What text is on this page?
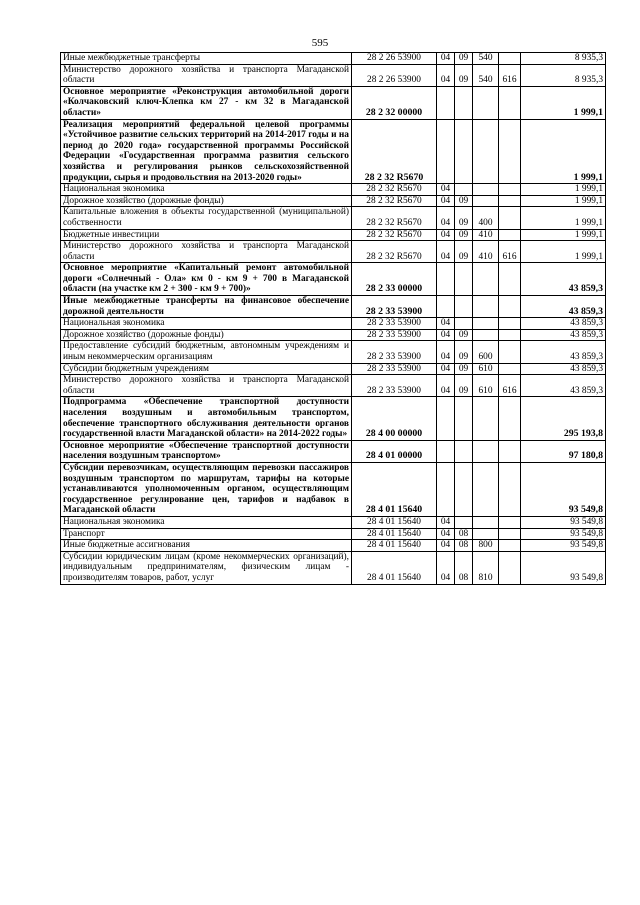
595
Иные межбюджетные трансферты	28 2 26 53900	04	09	540		8 935,3
Министерство дорожного хозяйства и транспорта Магаданской области	28 2 26 53900	04	09	540	616	8 935,3
Основное мероприятие «Реконструкция автомобильной дороги «Колчаковский ключ-Клепка км 27 - км 32 в Магаданской области»	28 2 32 00000					1 999,1
Реализация мероприятий федеральной целевой программы «Устойчивое развитие сельских территорий на 2014-2017 годы и на период до 2020 года» государственной программы Российской Федерации «Государственная программа развития сельского хозяйства и регулирования рынков сельскохозяйственной продукции, сырья и продовольствия на 2013-2020 годы»	28 2 32 R5670					1 999,1
Национальная экономика	28 2 32 R5670	04				1 999,1
Дорожное хозяйство (дорожные фонды)	28 2 32 R5670	04	09			1 999,1
Капитальные вложения в объекты государственной (муниципальной) собственности	28 2 32 R5670	04	09	400		1 999,1
Бюджетные инвестиции	28 2 32 R5670	04	09	410		1 999,1
Министерство дорожного хозяйства и транспорта Магаданской области	28 2 32 R5670	04	09	410	616	1 999,1
Основное мероприятие «Капитальный ремонт автомобильной дороги «Солнечный - Ола» км 0 - км 9 + 700 в Магаданской области (на участке км 2 + 300 - км 9 + 700)»	28 2 33 00000					43 859,3
Иные межбюджетные трансферты на финансовое обеспечение дорожной деятельности	28 2 33 53900					43 859,3
Национальная экономика	28 2 33 53900	04				43 859,3
Дорожное хозяйство (дорожные фонды)	28 2 33 53900	04	09			43 859,3
Предоставление субсидий бюджетным, автономным учреждениям и иным некоммерческим организациям	28 2 33 53900	04	09	600		43 859,3
Субсидии бюджетным учреждениям	28 2 33 53900	04	09	610		43 859,3
Министерство дорожного хозяйства и транспорта Магаданской области	28 2 33 53900	04	09	610	616	43 859,3
Подпрограмма «Обеспечение транспортной доступности населения воздушным и автомобильным транспортом, обеспечение транспортного обслуживания деятельности органов государственной власти Магаданской области» на 2014-2022 годы»	28 4 00 00000					295 193,8
Основное мероприятие «Обеспечение транспортной доступности населения воздушным транспортом»	28 4 01 00000					97 180,8
Субсидии перевозчикам, осуществляющим перевозки пассажиров воздушным транспортом по маршрутам, тарифы на которые устанавливаются уполномоченным органом, осуществляющим государственное регулирование цен, тарифов и надбавок в Магаданской области	28 4 01 15640					93 549,8
Национальная экономика	28 4 01 15640	04				93 549,8
Транспорт	28 4 01 15640	04	08			93 549,8
Иные бюджетные ассигнования	28 4 01 15640	04	08	800		93 549,8
Субсидии юридическим лицам (кроме некоммерческих организаций), индивидуальным предпринимателям, физическим лицам - производителям товаров, работ, услуг	28 4 01 15640	04	08	810		93 549,8
